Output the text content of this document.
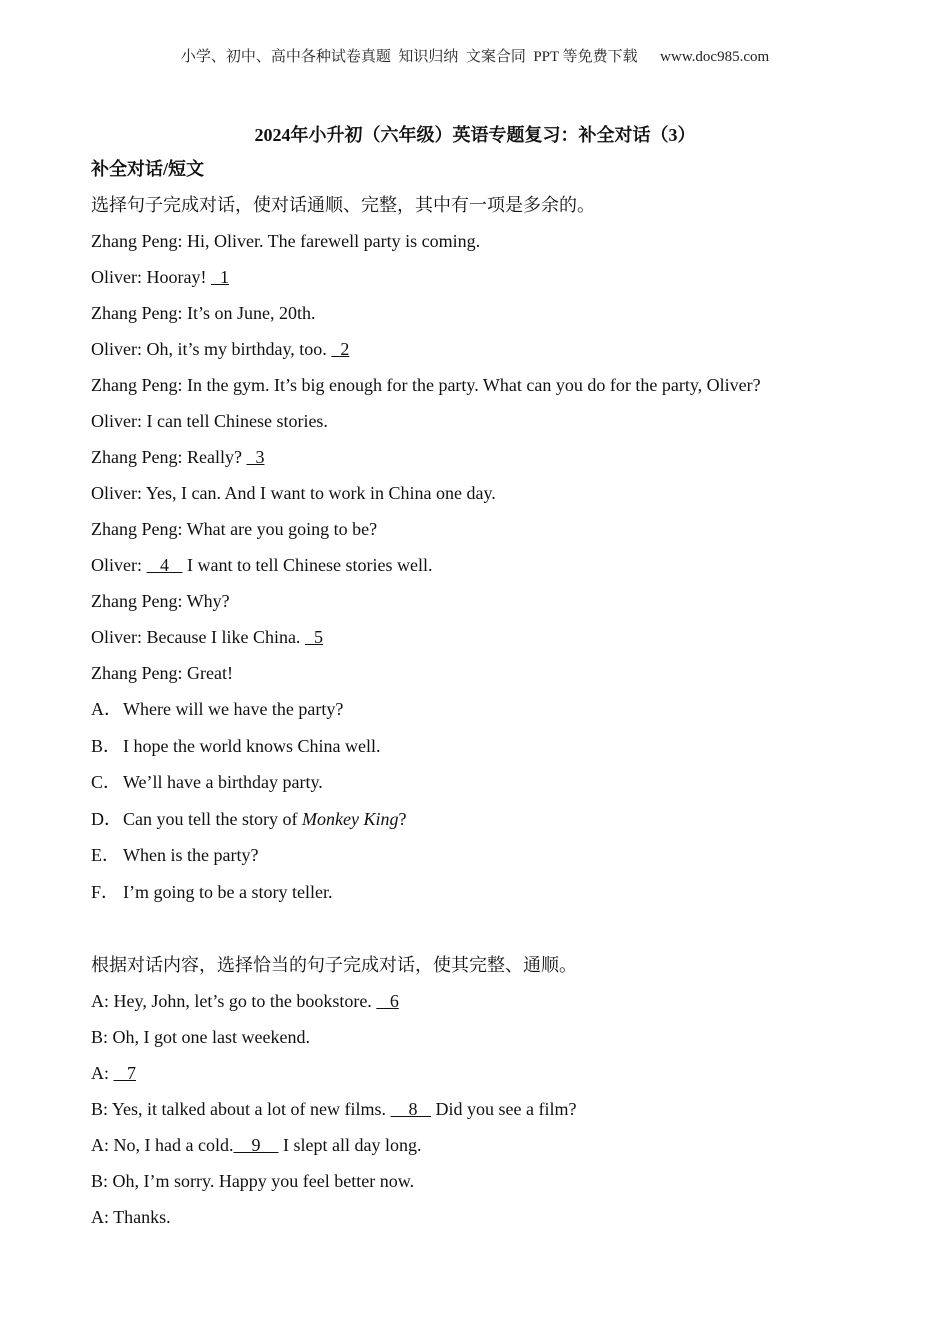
小学、初中、高中各种试卷真题  知识归纳  文案合同  PPT 等免费下载      www.doc985.com
2024年小升初（六年级）英语专题复习：补全对话（3）
补全对话/短文
选择句子完成对话，使对话通顺、完整，其中有一项是多余的。
Zhang Peng: Hi, Oliver. The farewell party is coming.
Oliver: Hooray!   1
Zhang Peng: It’s on June, 20th.
Oliver: Oh, it’s my birthday, too.   2
Zhang Peng: In the gym. It’s big enough for the party. What can you do for the party, Oliver?
Oliver: I can tell Chinese stories.
Zhang Peng: Really?   3
Oliver: Yes, I can. And I want to work in China one day.
Zhang Peng: What are you going to be?
Oliver:    4    I want to tell Chinese stories well.
Zhang Peng: Why?
Oliver: Because I like China.   5
Zhang Peng: Great!
A．Where will we have the party?
B． I hope the world knows China well.
C． We’ll have a birthday party.
D．Can you tell the story of Monkey King?
E． When is the party?
F． I’m going to be a story teller.
根据对话内容，选择恰当的句子完成对话，使其完整、通顺。
A: Hey, John, let’s go to the bookstore.    6
B: Oh, I got one last weekend.
A:    7
B: Yes, it talked about a lot of new films.     8    Did you see a film?
A: No, I had a cold.    9     I slept all day long.
B: Oh, I’m sorry. Happy you feel better now.
A: Thanks.
